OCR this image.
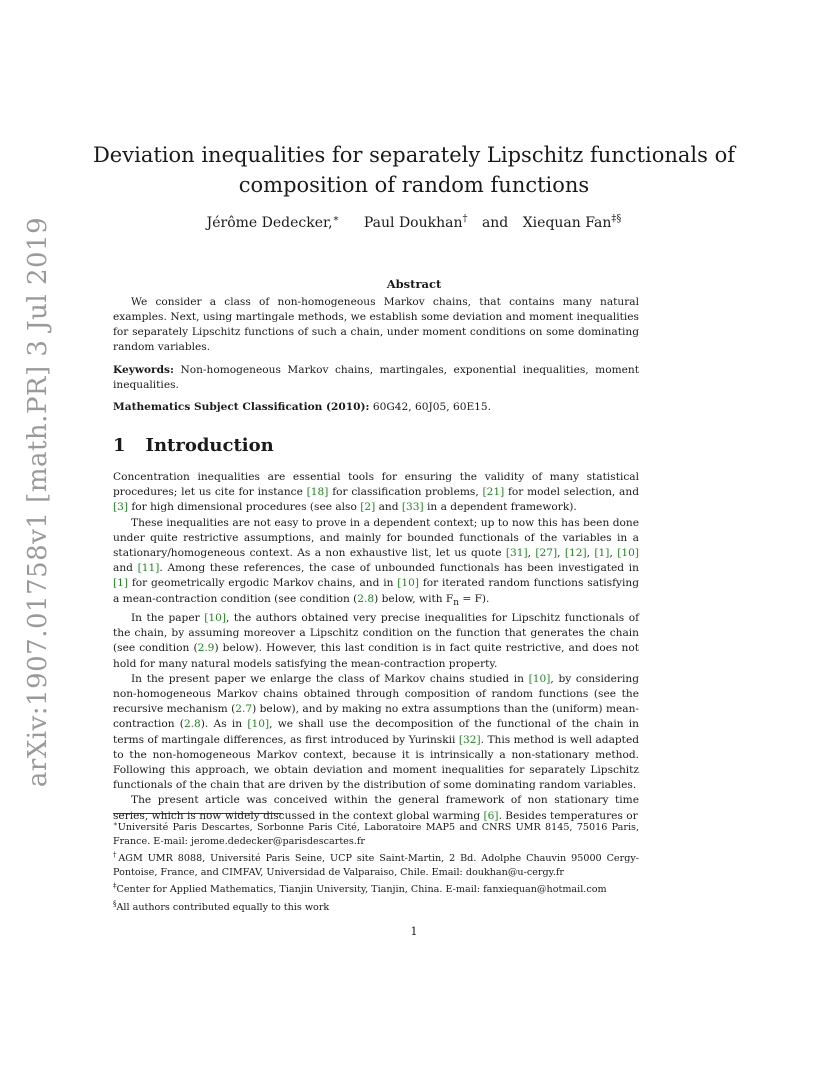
arXiv:1907.01758v1 [math.PR] 3 Jul 2019
Deviation inequalities for separately Lipschitz functionals of
composition of random functions
Jérôme Dedecker,∗ Paul Doukhan† and Xiequan Fan‡§
Abstract

We consider a class of non-homogeneous Markov chains, that contains many natural examples. Next, using martingale methods, we establish some deviation and moment inequalities for separately Lipschitz functions of such a chain, under moment conditions on some dominating random variables.

Keywords: Non-homogeneous Markov chains, martingales, exponential inequalities, moment inequalities.
Mathematics Subject Classification (2010): 60G42, 60J05, 60E15.
1 Introduction

Concentration inequalities are essential tools for ensuring the validity of many statistical procedures; let us cite for instance [18] for classification problems, [21] for model selection, and [3] for high dimensional procedures (see also [2] and [33] in a dependent framework).

These inequalities are not easy to prove in a dependent context; up to now this has been done under quite restrictive assumptions, and mainly for bounded functionals of the variables in a stationary/homogeneous context. As a non exhaustive list, let us quote [31], [27], [12], [1], [10] and [11]. Among these references, the case of unbounded functionals has been investigated in [1] for geometrically ergodic Markov chains, and in [10] for iterated random functions satisfying a mean-contraction condition (see condition (2.8) below, with $F_n = F$).

In the paper [10], the authors obtained very precise inequalities for Lipschitz functionals of the chain, by assuming moreover a Lipschitz condition on the function that generates the chain (see condition (2.9) below). However, this last condition is in fact quite restrictive, and does not hold for many natural models satisfying the mean-contraction property.

In the present paper we enlarge the class of Markov chains studied in [10], by considering non-homogeneous Markov chains obtained through composition of random functions (see the recursive mechanism (2.7) below), and by making no extra assumptions than the (uniform) mean-contraction (2.8). As in [10], we shall use the decomposition of the functional of the chain in terms of martingale differences, as first introduced by Yurinskii [32]. This method is well adapted to the non-homogeneous Markov context, because it is intrinsically a non-stationary method. Following this approach, we obtain deviation and moment inequalities for separately Lipschitz functionals of the chain that are driven by the distribution of some dominating random variables.

The present article was conceived within the general framework of non stationary time series, which is now widely discussed in the context global warming [6]. Besides temperatures or

∗Université Paris Descartes, Sorbonne Paris Cité, Laboratoire MAP5 and CNRS UMR 8145, 75016 Paris, France. E-mail: jerome.dedecker@parisdescartes.fr
†AGM UMR 8088, Université Paris Seine, UCP site Saint-Martin, 2 Bd. Adolphe Chauvin 95000 Cergy-Pontoise, France, and CIMFAV, Universidad de Valparaiso, Chile. Email: doukhan@u-cergy.fr
‡Center for Applied Mathematics, Tianjin University, Tianjin, China. E-mail: fanxiequan@hotmail.com
§All authors contributed equally to this work
1
